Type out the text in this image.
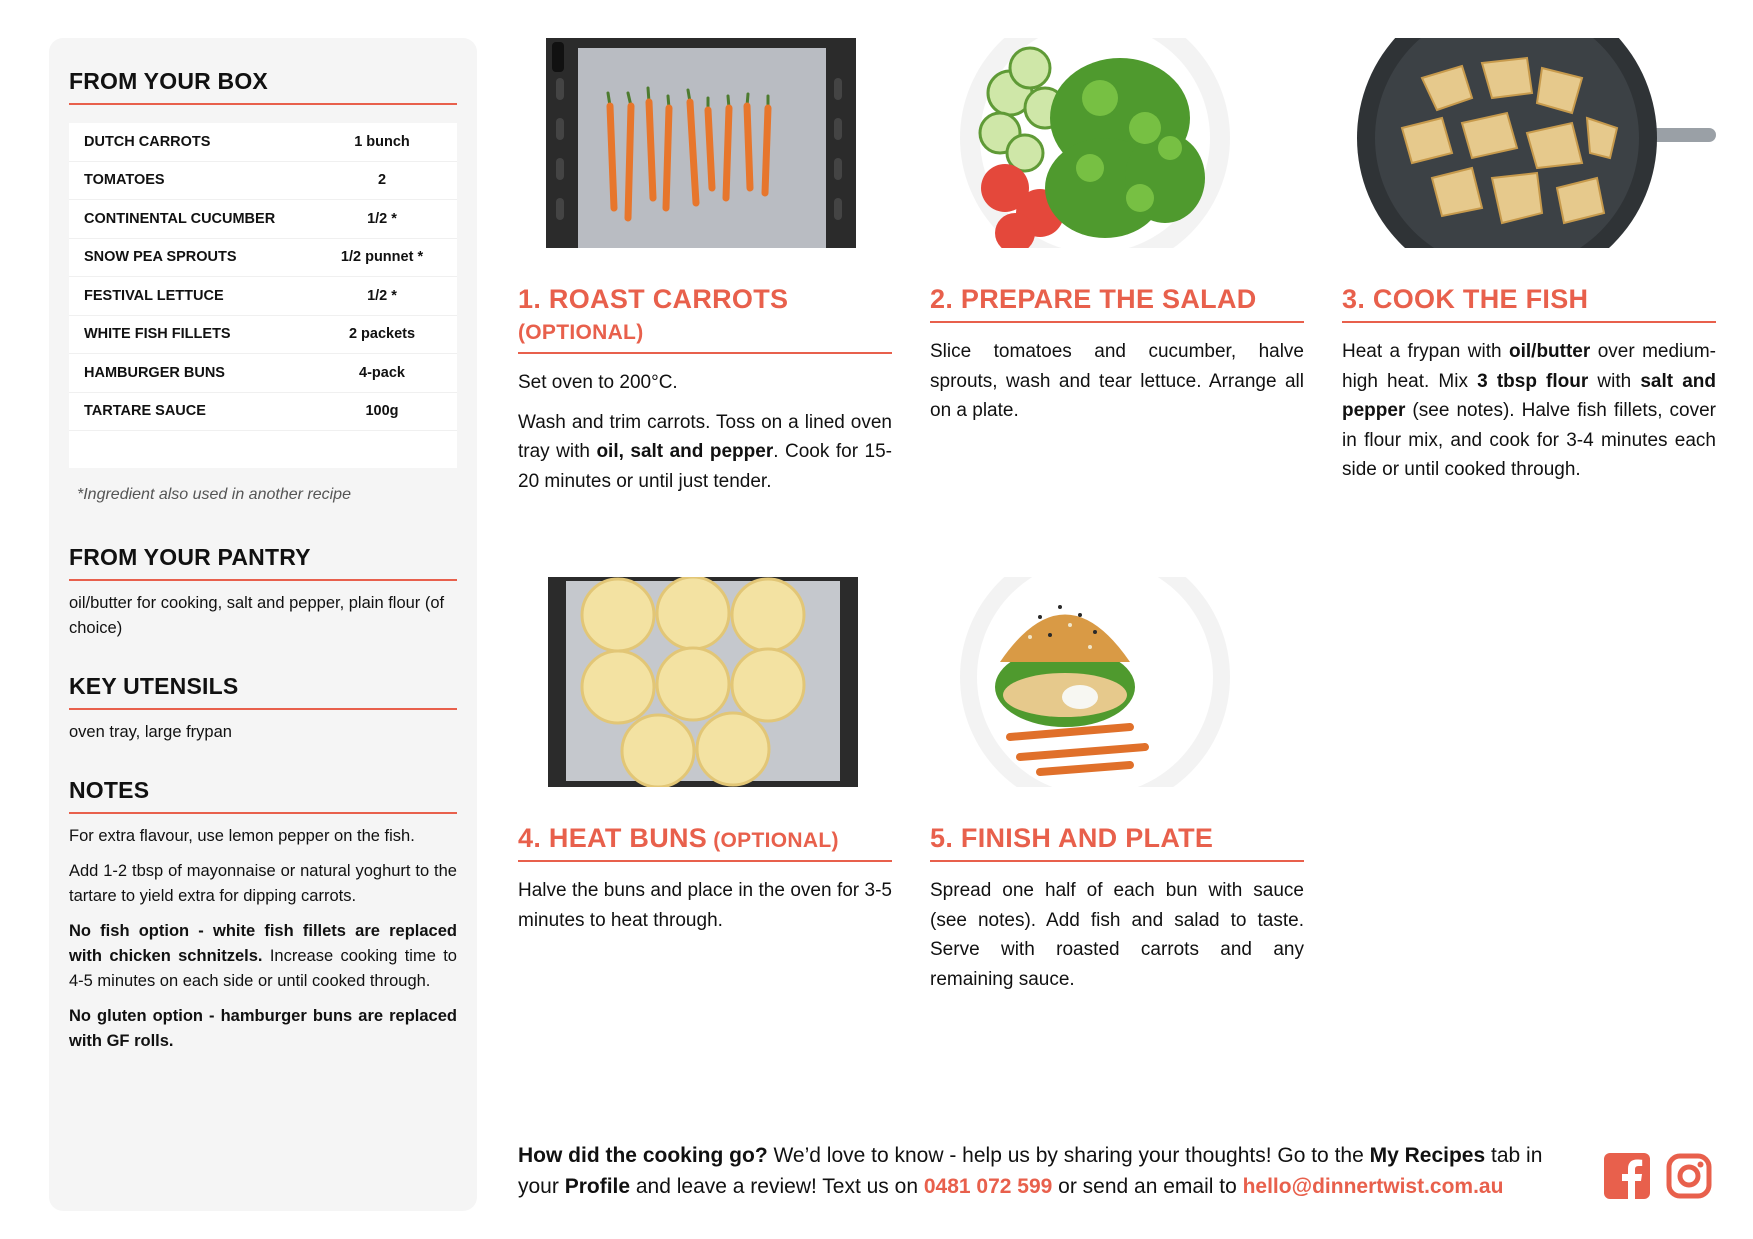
FROM YOUR BOX
DUTCH CARROTS	1 bunch
TOMATOES	2
CONTINENTAL CUCUMBER	1/2 *
SNOW PEA SPROUTS	1/2 punnet *
FESTIVAL LETTUCE	1/2 *
WHITE FISH FILLETS	2 packets
HAMBURGER BUNS	4-pack
TARTARE SAUCE	100g

*Ingredient also used in another recipe
FROM YOUR PANTRY

oil/butter for cooking, salt and pepper, plain flour (of choice)

KEY UTENSILS

oven tray, large frypan

NOTES

For extra flavour, use lemon pepper on the fish.

Add 1-2 tbsp of mayonnaise or natural yoghurt to the tartare to yield extra for dipping carrots.

No fish option - white fish fillets are replaced with chicken schnitzels. Increase cooking time to 4-5 minutes on each side or until cooked through.

No gluten option - hamburger buns are replaced with GF rolls.

1. ROAST CARROTS (OPTIONAL)

Set oven to 200°C.

Wash and trim carrots. Toss on a lined oven tray with oil, salt and pepper. Cook for 15-20 minutes or until just tender.

2. PREPARE THE SALAD

Slice tomatoes and cucumber, halve sprouts, wash and tear lettuce. Arrange all on a plate.

3. COOK THE FISH

Heat a frypan with oil/butter over medium-high heat. Mix 3 tbsp flour with salt and pepper (see notes). Halve fish fillets, cover in flour mix, and cook for 3-4 minutes each side or until cooked through.

4. HEAT BUNS (OPTIONAL)

Halve the buns and place in the oven for 3-5 minutes to heat through.

5. FINISH AND PLATE

Spread one half of each bun with sauce (see notes). Add fish and salad to taste. Serve with roasted carrots and any remaining sauce.

How did the cooking go? We’d love to know - help us by sharing your thoughts! Go to the My Recipes tab in your Profile and leave a review! Text us on 0481 072 599 or send an email to hello@dinnertwist.com.au
